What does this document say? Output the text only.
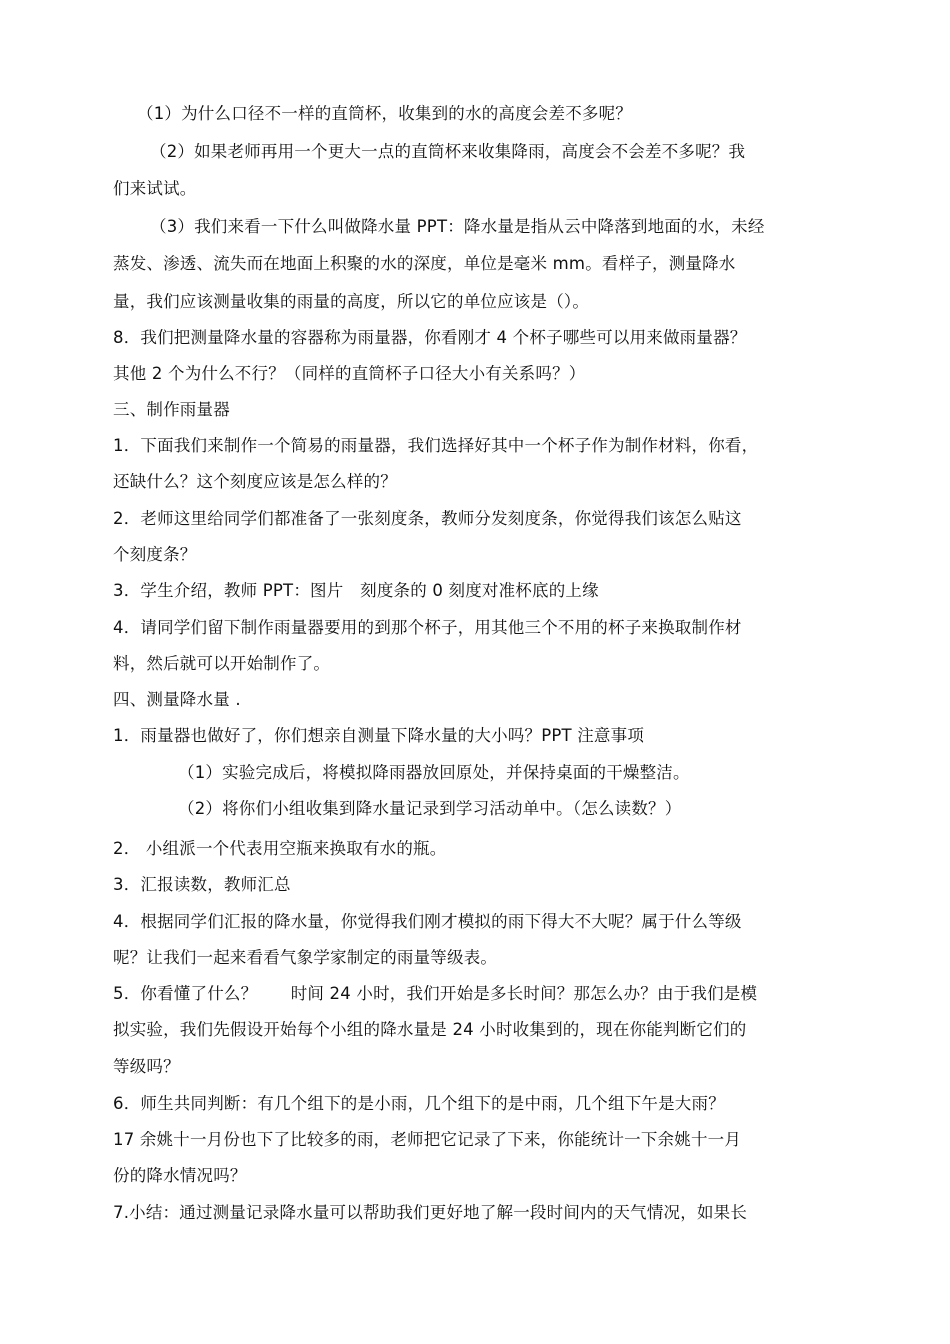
（1）为什么口径不一样的直筒杯，收集到的水的高度会差不多呢？
（2）如果老师再用一个更大一点的直筒杯来收集降雨，高度会不会差不多呢？我
们来试试。
（3）我们来看一下什么叫做降水量 PPT：降水量是指从云中降落到地面的水，未经
蒸发、渗透、流失而在地面上积聚的水的深度，单位是毫米 mm。看样子，测量降水
量，我们应该测量收集的雨量的高度，所以它的单位应该是（）。
8．我们把测量降水量的容器称为雨量器，你看刚才 4 个杯子哪些可以用来做雨量器？
其他 2 个为什么不行？（同样的直筒杯子口径大小有关系吗？）
三、制作雨量器
1．下面我们来制作一个简易的雨量器，我们选择好其中一个杯子作为制作材料，你看，
还缺什么？这个刻度应该是怎么样的？
2．老师这里给同学们都准备了一张刻度条，教师分发刻度条，你觉得我们该怎么贴这
个刻度条？
3．学生介绍，教师 PPT：图片　刻度条的 0 刻度对准杯底的上缘
4．请同学们留下制作雨量器要用的到那个杯子，用其他三个不用的杯子来换取制作材
料，然后就可以开始制作了。
四、测量降水量 .
1．雨量器也做好了，你们想亲自测量下降水量的大小吗？PPT 注意事项
（1）实验完成后，将模拟降雨器放回原处，并保持桌面的干燥整洁。
（2）将你们小组收集到降水量记录到学习活动单中。（怎么读数？）
2． 小组派一个代表用空瓶来换取有水的瓶。
3．汇报读数，教师汇总
4．根据同学们汇报的降水量，你觉得我们刚才模拟的雨下得大不大呢？属于什么等级
呢？让我们一起来看看气象学家制定的雨量等级表。
5．你看懂了什么？　　时间 24 小时，我们开始是多长时间？那怎么办？由于我们是模
拟实验，我们先假设开始每个小组的降水量是 24 小时收集到的，现在你能判断它们的
等级吗？
6．师生共同判断：有几个组下的是小雨，几个组下的是中雨，几个组下午是大雨？
17 余姚十一月份也下了比较多的雨，老师把它记录了下来，你能统计一下余姚十一月
份的降水情况吗？
7.小结：通过测量记录降水量可以帮助我们更好地了解一段时间内的天气情况，如果长
